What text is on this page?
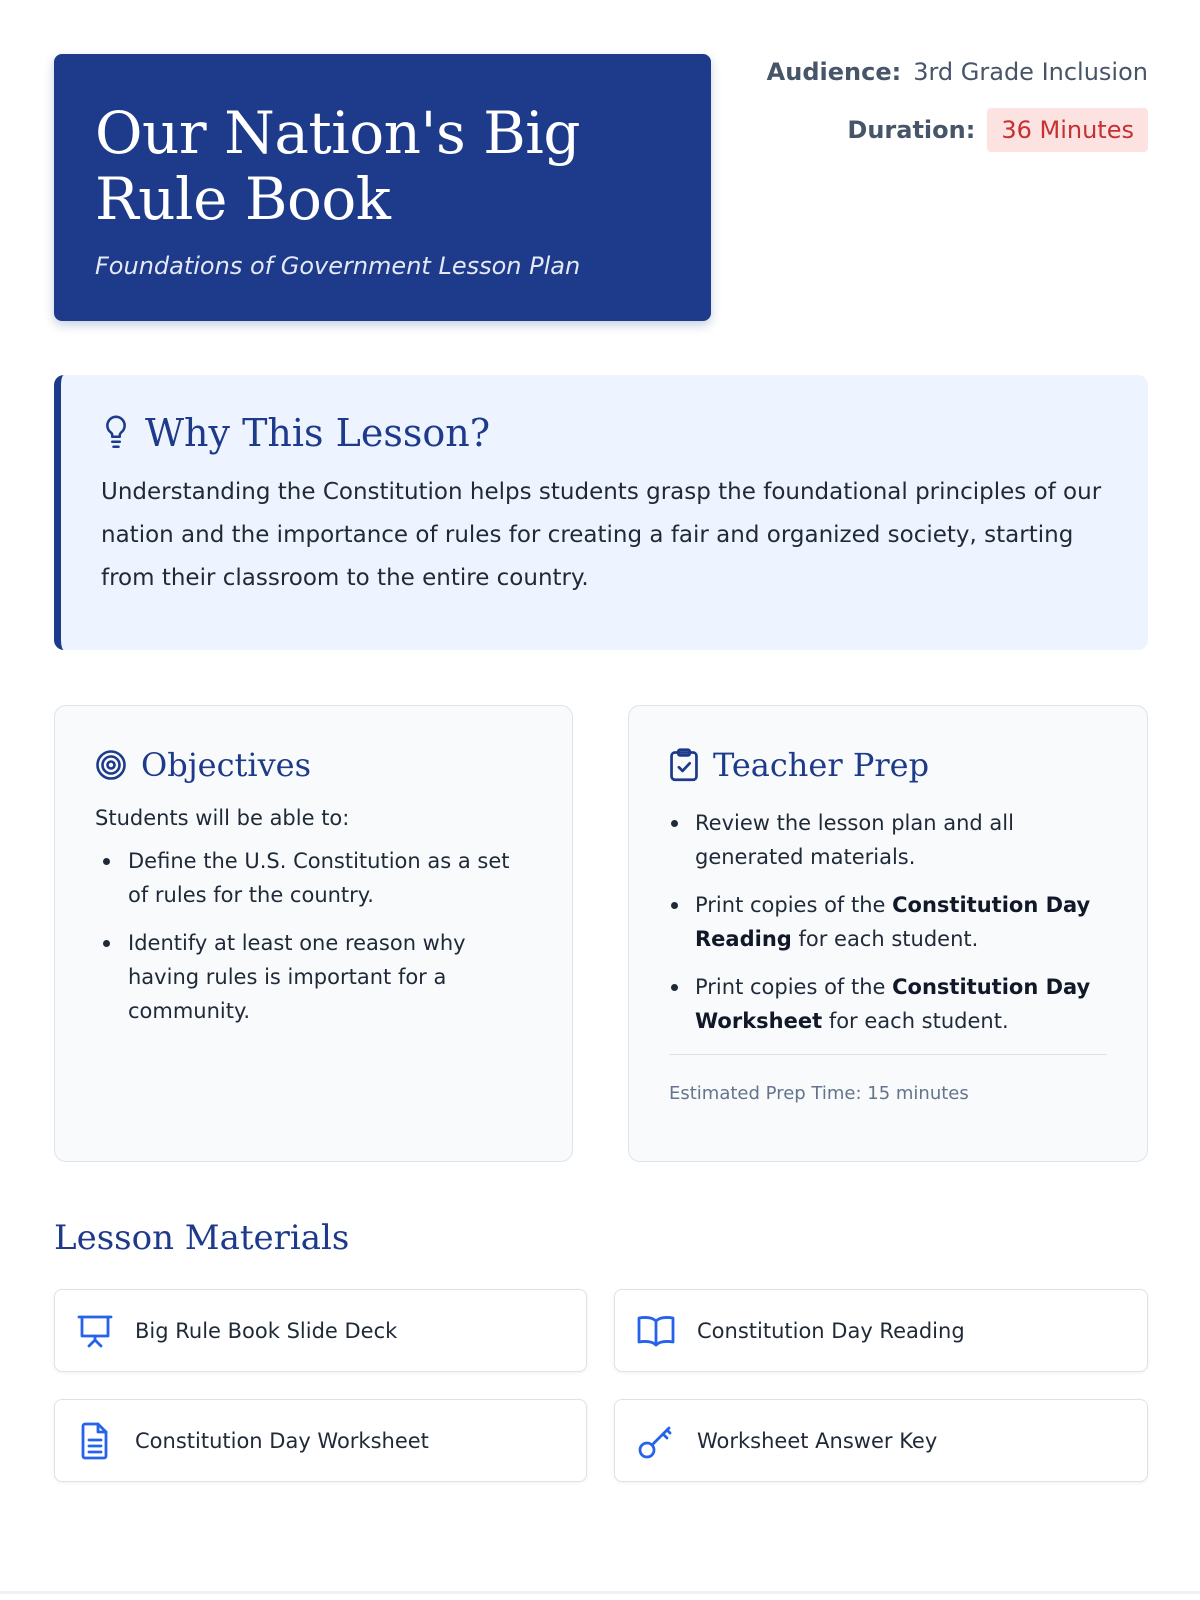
Our Nation's Big Rule Book
Foundations of Government Lesson Plan
Audience: 3rd Grade Inclusion
Duration:	36 Minutes
Why This Lesson?

Understanding the Constitution helps students grasp the foundational principles of our nation and the importance of rules for creating a fair and organized society, starting from their classroom to the entire country.

Objectives
Students will be able to:
Define the U.S. Constitution as a set of rules for the country.
Identify at least one reason why having rules is important for a community.
Teacher Prep
Review the lesson plan and all generated materials.
Print copies of the Constitution Day Reading for each student.
Print copies of the Constitution Day Worksheet for each student.
Estimated Prep Time: 15 minutes
Lesson Materials
Big Rule Book Slide Deck	Constitution Day Reading
Constitution Day Worksheet	Worksheet Answer Key
